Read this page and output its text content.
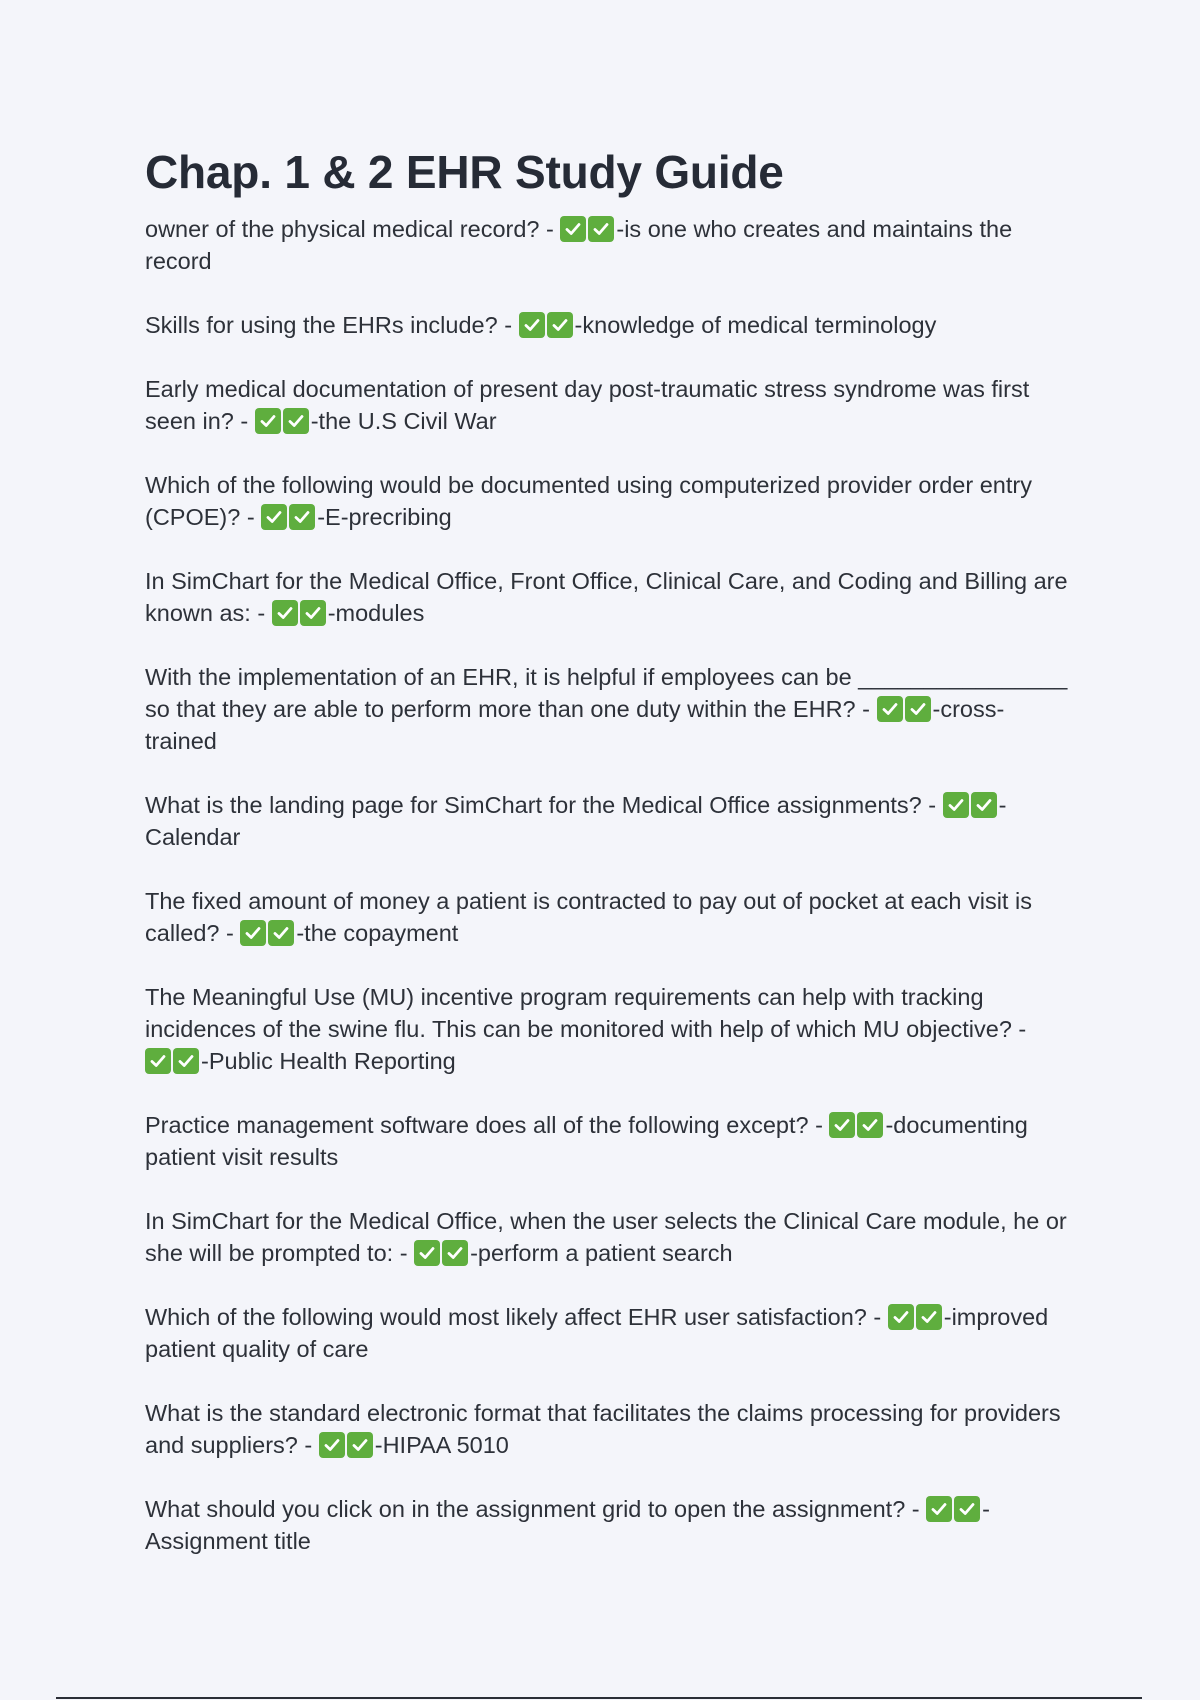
Chap. 1 & 2 EHR Study Guide

owner of the physical medical record? -	-is one who creates and maintains the record

Skills for using the EHRs include? -	-knowledge of medical terminology

Early medical documentation of present day post-traumatic stress syndrome was first seen in? -	-the U.S Civil War

Which of the following would be documented using computerized provider order entry (CPOE)? -	-E-precribing

In SimChart for the Medical Office, Front Office, Clinical Care, and Coding and Billing are known as: -	-modules

With the implementation of an EHR, it is helpful if employees can be ________________ so that they are able to perform more than one duty within the EHR? -	-cross-trained

What is the landing page for SimChart for the Medical Office assignments? -	-Calendar

The fixed amount of money a patient is contracted to pay out of pocket at each visit is called? -	-the copayment

The Meaningful Use (MU) incentive program requirements can help with tracking incidences of the swine flu. This can be monitored with help of which MU objective? -
-Public Health Reporting

Practice management software does all of the following except? -	-documenting patient visit results

In SimChart for the Medical Office, when the user selects the Clinical Care module, he or she will be prompted to: -	-perform a patient search

Which of the following would most likely affect EHR user satisfaction? -	-improved patient quality of care

What is the standard electronic format that facilitates the claims processing for providers and suppliers? -	-HIPAA 5010

What should you click on in the assignment grid to open the assignment? -	-Assignment title
